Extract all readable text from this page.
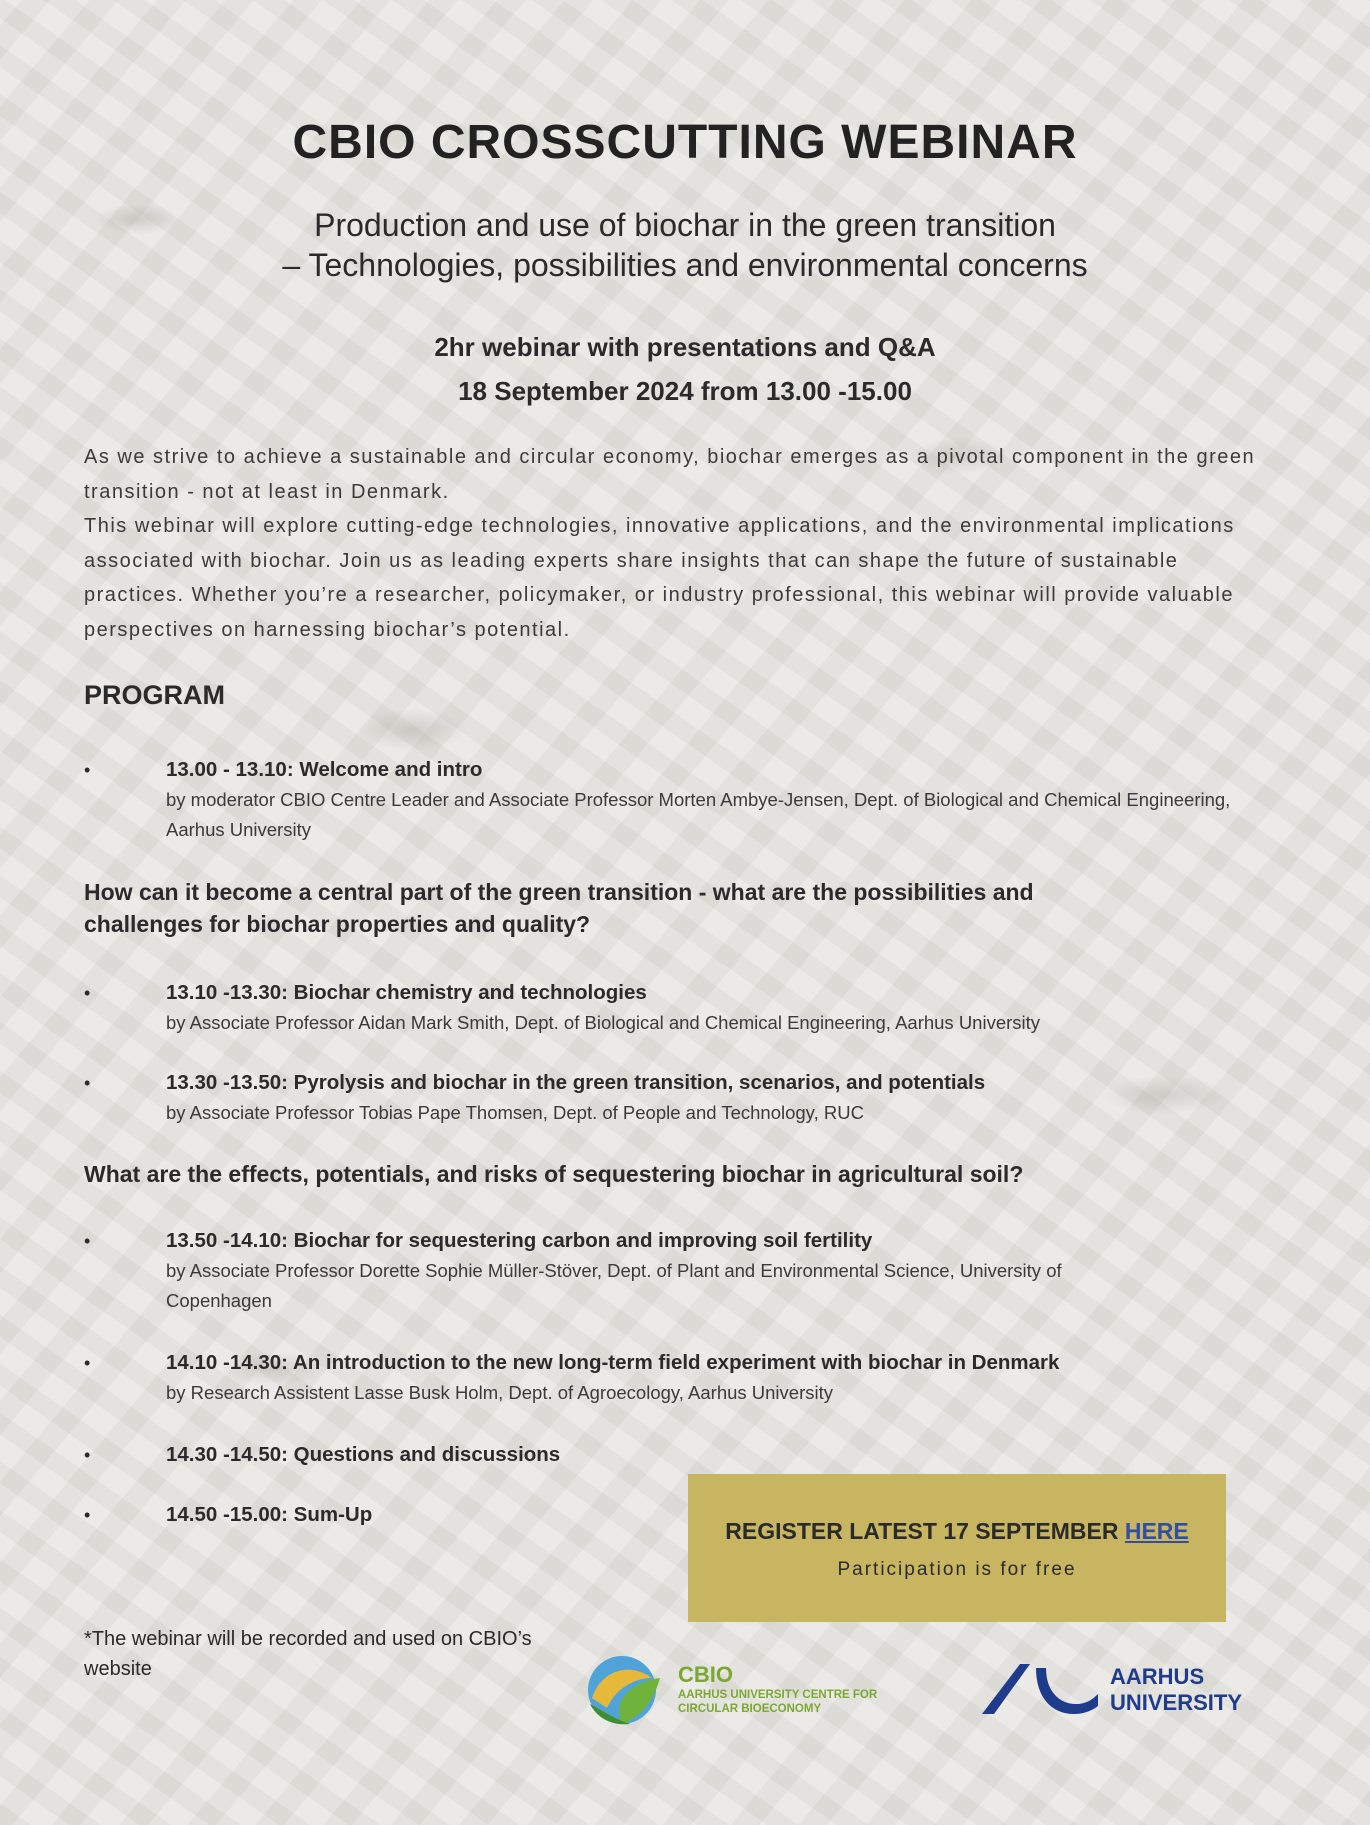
CBIO CROSSCUTTING WEBINAR
Production and use of biochar in the green transition
– Technologies, possibilities and environmental concerns
2hr webinar with presentations and Q&A
18 September 2024 from 13.00 -15.00

As we strive to achieve a sustainable and circular economy, biochar emerges as a pivotal component in the green transition - not at least in Denmark.

This webinar will explore cutting-edge technologies, innovative applications, and the environmental implications associated with biochar. Join us as leading experts share insights that can shape the future of sustainable practices. Whether you’re a researcher, policymaker, or industry professional, this webinar will provide valuable perspectives on harnessing biochar’s potential.

PROGRAM
•	13.00 - 13.10: Welcome and intro
by moderator CBIO Centre Leader and Associate Professor Morten Ambye-Jensen, Dept. of Biological and Chemical Engineering, Aarhus University
How can it become a central part of the green transition - what are the possibilities and challenges for biochar properties and quality?
•	13.10 -13.30: Biochar chemistry and technologies
by Associate Professor Aidan Mark Smith, Dept. of Biological and Chemical Engineering, Aarhus University
•	13.30 -13.50: Pyrolysis and biochar in the green transition, scenarios, and potentials
by Associate Professor Tobias Pape Thomsen, Dept. of People and Technology, RUC
What are the effects, potentials, and risks of sequestering biochar in agricultural soil?
•	13.50 -14.10: Biochar for sequestering carbon and improving soil fertility
by Associate Professor Dorette Sophie Müller-Stöver, Dept. of Plant and Environmental Science, University of Copenhagen
•	14.10 -14.30: An introduction to the new long-term field experiment with biochar in Denmark
by Research Assistent Lasse Busk Holm, Dept. of Agroecology, Aarhus University
•	14.30 -14.50: Questions and discussions
•	14.50 -15.00: Sum-Up
REGISTER LATEST 17 SEPTEMBER HERE
Participation is for free
*The webinar will be recorded and used on CBIO’s website	CBIO
AARHUS UNIVERSITY CENTRE FOR CIRCULAR BIOECONOMY
AARHUS
UNIVERSITY
